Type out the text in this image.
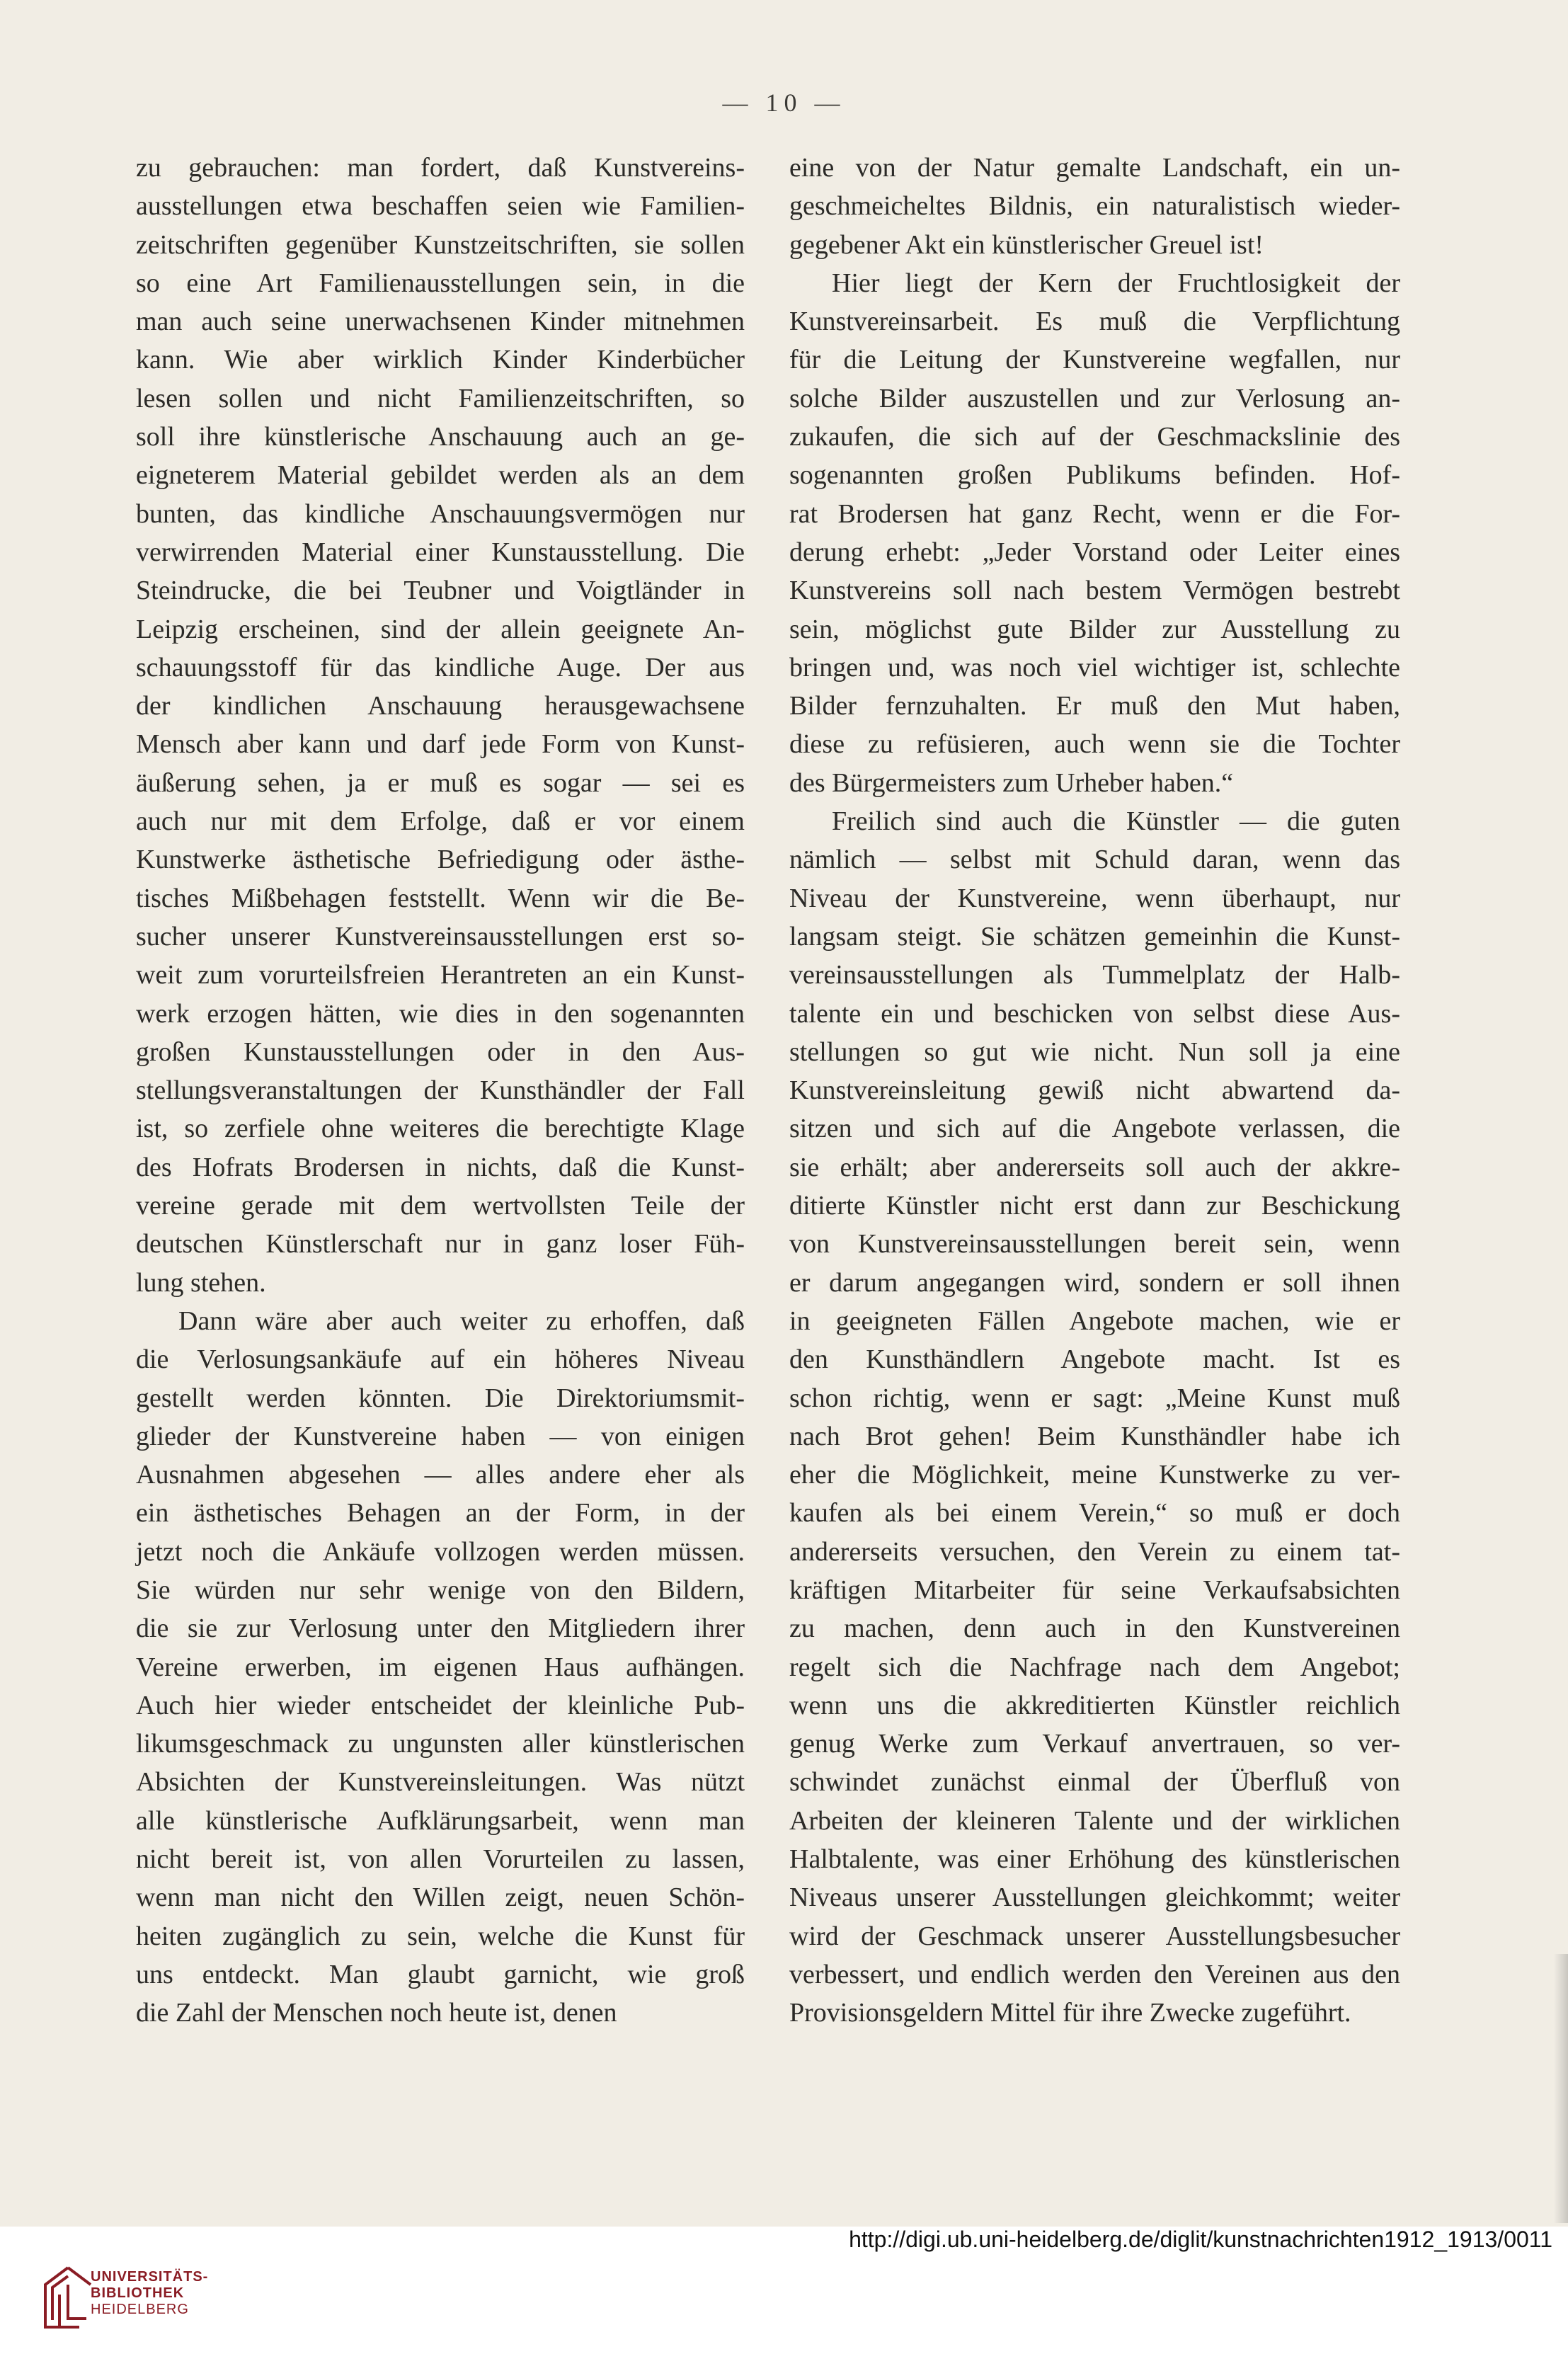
— 10 —
zu gebrauchen: man fordert, daß Kunstvereins-
ausstellungen etwa beschaffen seien wie Familien-
zeitschriften gegenüber Kunstzeitschriften, sie sollen
so eine Art Familienausstellungen sein, in die
man auch seine unerwachsenen Kinder mitnehmen
kann. Wie aber wirklich Kinder Kinderbücher
lesen sollen und nicht Familienzeitschriften, so
soll ihre künstlerische Anschauung auch an ge-
eigneterem Material gebildet werden als an dem
bunten, das kindliche Anschauungsvermögen nur
verwirrenden Material einer Kunstausstellung. Die
Steindrucke, die bei Teubner und Voigtländer in
Leipzig erscheinen, sind der allein geeignete An-
schauungsstoff für das kindliche Auge. Der aus
der kindlichen Anschauung herausgewachsene
Mensch aber kann und darf jede Form von Kunst-
äußerung sehen, ja er muß es sogar — sei es
auch nur mit dem Erfolge, daß er vor einem
Kunstwerke ästhetische Befriedigung oder ästhe-
tisches Mißbehagen feststellt. Wenn wir die Be-
sucher unserer Kunstvereinsausstellungen erst so-
weit zum vorurteilsfreien Herantreten an ein Kunst-
werk erzogen hätten, wie dies in den sogenannten
großen Kunstausstellungen oder in den Aus-
stellungsveranstaltungen der Kunsthändler der Fall
ist, so zerfiele ohne weiteres die berechtigte Klage
des Hofrats Brodersen in nichts, daß die Kunst-
vereine gerade mit dem wertvollsten Teile der
deutschen Künstlerschaft nur in ganz loser Füh-
lung stehen.
Dann wäre aber auch weiter zu erhoffen, daß
die Verlosungsankäufe auf ein höheres Niveau
gestellt werden könnten. Die Direktoriumsmit-
glieder der Kunstvereine haben — von einigen
Ausnahmen abgesehen — alles andere eher als
ein ästhetisches Behagen an der Form, in der
jetzt noch die Ankäufe vollzogen werden müssen.
Sie würden nur sehr wenige von den Bildern,
die sie zur Verlosung unter den Mitgliedern ihrer
Vereine erwerben, im eigenen Haus aufhängen.
Auch hier wieder entscheidet der kleinliche Pub-
likumsgeschmack zu ungunsten aller künstlerischen
Absichten der Kunstvereinsleitungen. Was nützt
alle künstlerische Aufklärungsarbeit, wenn man
nicht bereit ist, von allen Vorurteilen zu lassen,
wenn man nicht den Willen zeigt, neuen Schön-
heiten zugänglich zu sein, welche die Kunst für
uns entdeckt. Man glaubt garnicht, wie groß
die Zahl der Menschen noch heute ist, denen
eine von der Natur gemalte Landschaft, ein un-
geschmeicheltes Bildnis, ein naturalistisch wieder-
gegebener Akt ein künstlerischer Greuel ist!
Hier liegt der Kern der Fruchtlosigkeit der
Kunstvereinsarbeit. Es muß die Verpflichtung
für die Leitung der Kunstvereine wegfallen, nur
solche Bilder auszustellen und zur Verlosung an-
zukaufen, die sich auf der Geschmackslinie des
sogenannten großen Publikums befinden. Hof-
rat Brodersen hat ganz Recht, wenn er die For-
derung erhebt: „Jeder Vorstand oder Leiter eines
Kunstvereins soll nach bestem Vermögen bestrebt
sein, möglichst gute Bilder zur Ausstellung zu
bringen und, was noch viel wichtiger ist, schlechte
Bilder fernzuhalten. Er muß den Mut haben,
diese zu refüsieren, auch wenn sie die Tochter
des Bürgermeisters zum Urheber haben.“
Freilich sind auch die Künstler — die guten
nämlich — selbst mit Schuld daran, wenn das
Niveau der Kunstvereine, wenn überhaupt, nur
langsam steigt. Sie schätzen gemeinhin die Kunst-
vereinsausstellungen als Tummelplatz der Halb-
talente ein und beschicken von selbst diese Aus-
stellungen so gut wie nicht. Nun soll ja eine
Kunstvereinsleitung gewiß nicht abwartend da-
sitzen und sich auf die Angebote verlassen, die
sie erhält; aber andererseits soll auch der akkre-
ditierte Künstler nicht erst dann zur Beschickung
von Kunstvereinsausstellungen bereit sein, wenn
er darum angegangen wird, sondern er soll ihnen
in geeigneten Fällen Angebote machen, wie er
den Kunsthändlern Angebote macht. Ist es
schon richtig, wenn er sagt: „Meine Kunst muß
nach Brot gehen! Beim Kunsthändler habe ich
eher die Möglichkeit, meine Kunstwerke zu ver-
kaufen als bei einem Verein,“ so muß er doch
andererseits versuchen, den Verein zu einem tat-
kräftigen Mitarbeiter für seine Verkaufsabsichten
zu machen, denn auch in den Kunstvereinen
regelt sich die Nachfrage nach dem Angebot;
wenn uns die akkreditierten Künstler reichlich
genug Werke zum Verkauf anvertrauen, so ver-
schwindet zunächst einmal der Überfluß von
Arbeiten der kleineren Talente und der wirklichen
Halbtalente, was einer Erhöhung des künstlerischen
Niveaus unserer Ausstellungen gleichkommt; weiter
wird der Geschmack unserer Ausstellungsbesucher
verbessert, und endlich werden den Vereinen aus den
Provisionsgeldern Mittel für ihre Zwecke zugeführt.
UNIVERSITÄTS-
BIBLIOTHEK
HEIDELBERG
http://digi.ub.uni-heidelberg.de/diglit/kunstnachrichten1912_1913/0011
